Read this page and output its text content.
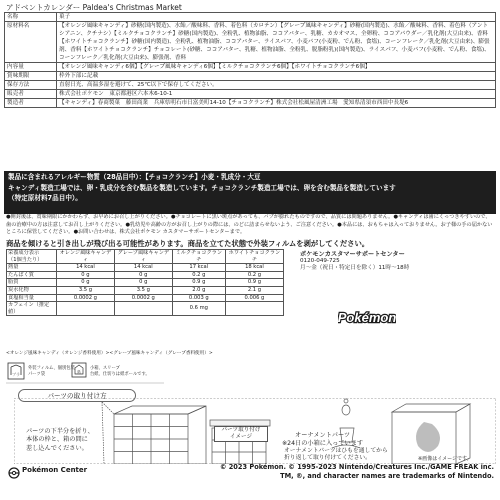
アドベントカレンダー Paldea's Christmas Market
名称	菓子
原材料名	【オレンジ風味キャンディ】砂糖(国内製造)、水飴／酸味料、香料、着色料（カロテン）【グレープ風味キャンディ】砂糖(国内製造)、水飴／酸味料、香料、着色料（アントシアニン、クチナシ）【ミルクチョコクランチ】砂糖(国内製造)、全粉乳、植物油脂、ココアバター、乳糖、カカオマス、全卵粉、ココアパウダー／乳化剤(大豆由来)、香料【ホワイトチョコクランチ】砂糖(国内製造)、全粉乳、植物油脂、ココアバター、ライスパフ、小麦パフ(小麦粉、でん粉、食塩)、コーンフレーク／乳化剤(大豆由来)、膨張剤、香料【ホワイトチョコクランチ】チョコレート(砂糖、ココアバター、乳糖、植物油脂、全粉乳、脱脂粉乳)(国内製造)、ライスパフ、小麦パフ(小麦粉、でん粉、食塩)、コーンフレーク／乳化剤(大豆由来)、膨張剤、香料
内容量	【オレンジ風味キャンディ6個】【グレープ風味キャンディ6個】【ミルクチョコクランチ6個】【ホワイトチョコクランチ6個】
賞味期限	枠外下部に記載
保存方法	直射日光、高温多湿を避けて、25℃以下で保存してください。
販売者	株式会社ポケモン　東京都港区六本木6-10-1
製造者	【キャンディ】春商製菓　藤田商業　兵庫県明石市日富美町14-10【チョコクランチ】株式会社松風屋清洲工場　愛知県清須市西田中長堤6
製品に含まれるアレルギー物質（28品目中）：【チョコクランチ】小麦・乳成分・大豆
キャンディ製造工場では、卵・乳成分を含む製品を製造しています。チョコクランチ製造工場では、卵を含む製品を製造しています
（特定原材料7品目中）。
●開封後は、賞味期限にかかわらず、お早めにお召し上がりください。●チョコレートに黒い斑点があっても、バブが膨れたものですので、品質には問題ありません。●キャンディは歯にくっつきやすいので、歯の治療中の方は注意してお召し上がりください。●乳幼児や高齢の方がお召し上がりの際には、のどに詰まらせないよう、ご注意ください。●本品には、おもちゃは入っておりません。お子様の手の届かないところに保管してください。●お問い合わせは、株式会社ポケモン カスタマーサポートセンターまで。
商品を傾けると引き出しが飛び出る可能性があります。商品を立てた状態で外装フィルムを剥がしてください。
栄養成分表示
（1個当たり）	オレンジ風味キャンディ	グレープ風味キャンディ	ミルクチョコクランチ	ホワイトチョコクランチ
熱量	14 kcal	14 kcal	17 kcal	18 kcal
たんぱく質	0 g	0 g	0.2 g	0.2 g
脂質	0 g	0 g	0.9 g	0.9 g
炭水化物	3.5 g	3.5 g	2.0 g	2.1 g
食塩相当量	0.0002 g	0.0002 g	0.003 g	0.006 g
カフェイン（推定値）			0.6 mg	
<オレンジ風味キャンディ（オレンジ香料使用）><グレープ風味キャンディ（グレープ香料使用）>
ポケモンカスタマーサポートセンター
0120-049-725
月〜金（祝日・特定日を除く）11時〜18時
Pokémon
プラ	紙
外装フィルム、個別包装
パーツ袋
小箱、スリーブ
台紙、仕切りは紙ボールです。
パーツの取り付け方
パーツの下半分を折り、
本体の枠と、箱の間に
差し込んでください。
パーツ取り付け
イメージ	オーナメントパーツ
※24日の小箱に入っています
オーナメントパーツはひもを通してから
折り返して取り付けてください。	※画像はイメージです。
Pokémon Center	© 2023 Pokémon. © 1995-2023 Nintendo/Creatures Inc./GAME FREAK inc.
TM, ®, and character names are trademarks of Nintendo.
